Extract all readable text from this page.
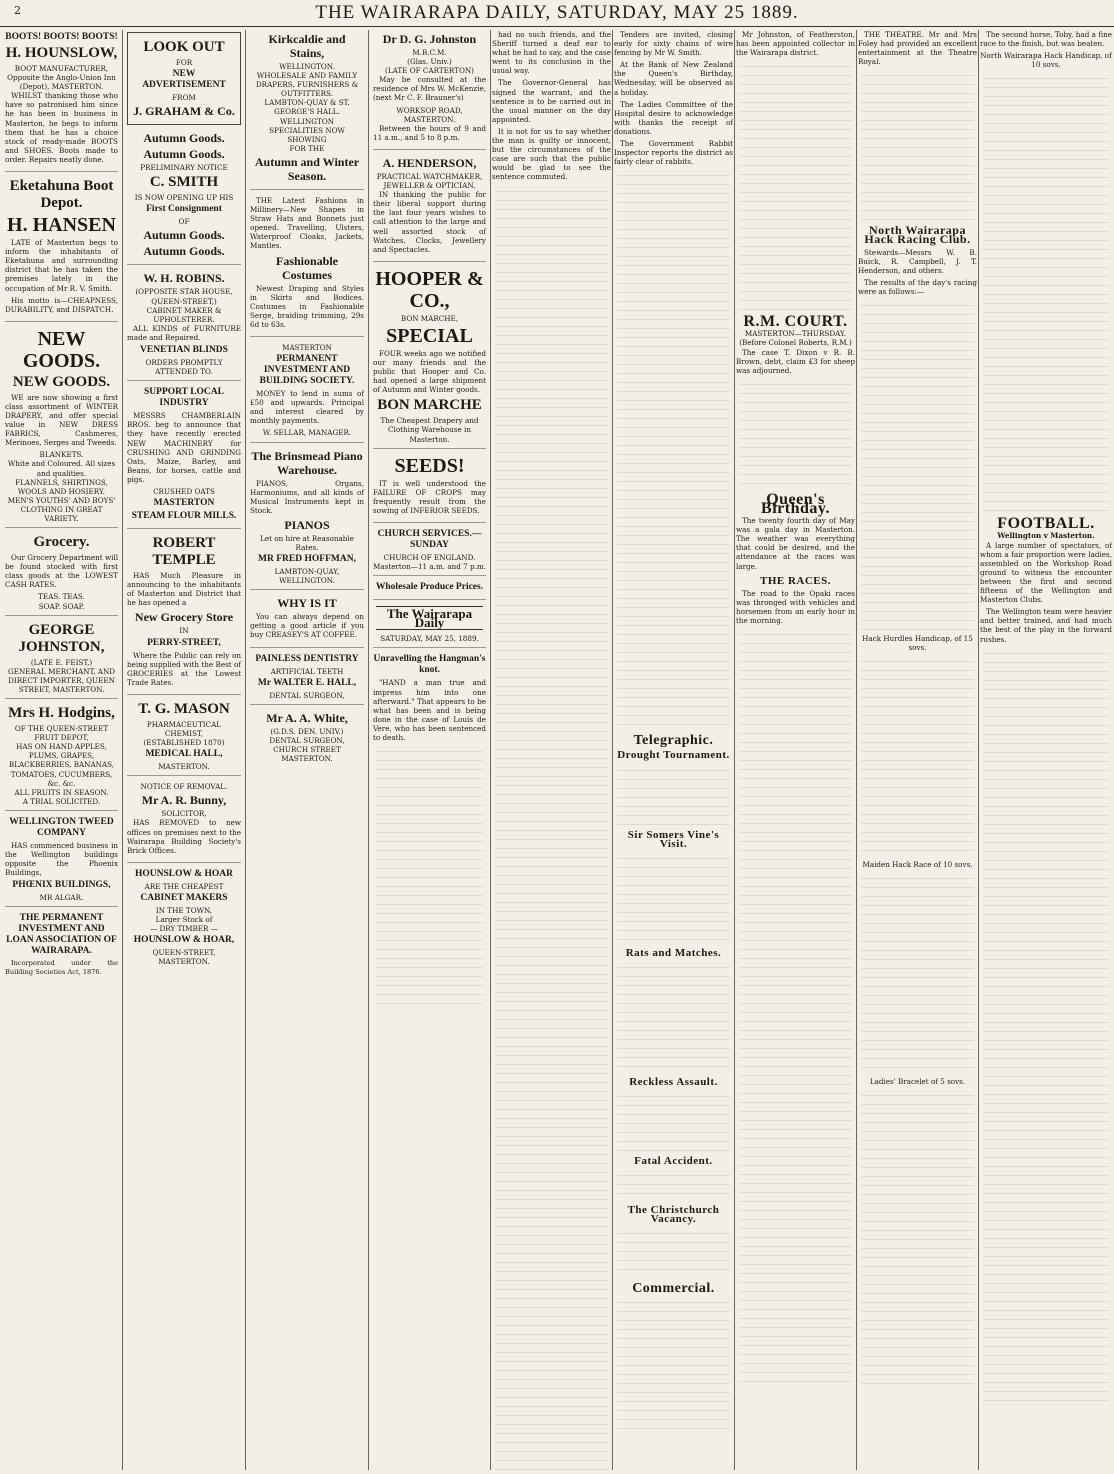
2	THE WAIRARAPA DAILY, SATURDAY, MAY 25 1889.
BOOTS! BOOTS! BOOTS!
H. HOUNSLOW,
BOOT MANUFACTURER,
Opposite the Anglo-Union Inn (Depot), MASTERTON.
WHILST thanking those who have so patronised him since he has been in business in Masterton, he begs to inform them that he has a choice stock of ready-made BOOTS and SHOES. Boots made to order. Repairs neatly done.
Eketahuna Boot Depot.
H. HANSEN
LATE of Masterton begs to inform the inhabitants of Eketahuna and surrounding district that he has taken the premises lately in the occupation of Mr R. V. Smith.
His motto is—CHEAPNESS, DURABILITY, and DISPATCH.
NEW GOODS.
NEW GOODS.
WE are now showing a first class assortment of WINTER DRAPERY, and offer special value in NEW DRESS FABRICS, Cashmeres, Merinoes, Serges and Tweeds.
BLANKETS.
White and Coloured. All sizes and qualities.
FLANNELS, SHIRTINGS, WOOLS AND HOSIERY.
MEN'S YOUTHS' AND BOYS' CLOTHING IN GREAT VARIETY.
Grocery.
Our Grocery Department will be found stocked with first class goods at the LOWEST CASH RATES.
TEAS. TEAS.
SOAP. SOAP.
GEORGE JOHNSTON,
(LATE E. FEIST,)
GENERAL MERCHANT, AND DIRECT IMPORTER, QUEEN STREET, MASTERTON.
Mrs H. Hodgins,
OF THE QUEEN-STREET FRUIT DEPOT,
HAS ON HAND APPLES, PLUMS, GRAPES, BLACKBERRIES, BANANAS, TOMATOES, CUCUMBERS, &c. &c.
ALL FRUITS IN SEASON.
A TRIAL SOLICITED.
WELLINGTON TWEED COMPANY
HAS commenced business in the Wellington buildings opposite the Phoenix Buildings,
PHŒNIX BUILDINGS,
MR ALGAR.
THE PERMANENT INVESTMENT AND LOAN ASSOCIATION OF WAIRARAPA.
Incorporated under the Building Societies Act, 1876.
LOOK OUT
FOR
NEW ADVERTISEMENT
FROM
J. GRAHAM & Co.
Autumn Goods.
Autumn Goods.
PRELIMINARY NOTICE
C. SMITH
IS NOW OPENING UP HIS
First Consignment
OF
Autumn Goods.
Autumn Goods.
W. H. ROBINS.
(OPPOSITE STAR HOUSE, QUEEN-STREET,)
CABINET MAKER & UPHOLSTERER.
ALL KINDS of FURNITURE made and Repaired.
VENETIAN BLINDS
ORDERS PROMPTLY ATTENDED TO.
SUPPORT LOCAL INDUSTRY
MESSRS CHAMBERLAIN BROS. beg to announce that they have recently erected NEW MACHINERY for CRUSHING AND GRINDING Oats, Maize, Barley, and Beans, for horses, cattle and pigs.
CRUSHED OATS
MASTERTON
STEAM FLOUR MILLS.
ROBERT TEMPLE
HAS Much Pleasure in announcing to the inhabitants of Masterton and District that he has opened a
New Grocery Store
IN
PERRY-STREET,
Where the Public can rely on being supplied with the Best of GROCERIES at the Lowest Trade Rates.
T. G. MASON
PHARMACEUTICAL CHEMIST,
(ESTABLISHED 1870)
MEDICAL HALL,
MASTERTON.
NOTICE OF REMOVAL.
Mr A. R. Bunny,
SOLICITOR,
HAS REMOVED to new offices on premises next to the Wairarapa Building Society's Brick Offices.
HOUNSLOW & HOAR
ARE THE CHEAPEST
CABINET MAKERS
IN THE TOWN,
Larger Stock of
— DRY TIMBER —
HOUNSLOW & HOAR,
QUEEN-STREET, MASTERTON.
Kirkcaldie and Stains,
WELLINGTON.
WHOLESALE AND FAMILY DRAPERS, FURNISHERS & OUTFITTERS.
LAMBTON-QUAY & ST. GEORGE'S HALL.
WELLINGTON
SPECIALITIES NOW SHOWING
FOR THE
Autumn and Winter Season.
THE Latest Fashions in Millinery—New Shapes in Straw Hats and Bonnets just opened. Travelling, Ulsters, Waterproof Cloaks, Jackets, Mantles.
Fashionable Costumes
Newest Draping and Styles in Skirts and Bodices. Costumes in Fashionable Serge, braiding trimming, 29s 6d to 63s.
MASTERTON
PERMANENT INVESTMENT AND BUILDING SOCIETY.
MONEY to lend in sums of £50 and upwards. Principal and interest cleared by monthly payments.
W. SELLAR, MANAGER.
The Brinsmead Piano Warehouse.
PIANOS, Organs, Harmoniums, and all kinds of Musical Instruments kept in Stock.
PIANOS
Let on hire at Reasonable Rates.
MR FRED HOFFMAN,
LAMBTON-QUAY,
WELLINGTON.
WHY IS IT
You can always depend on getting a good article if you buy CREASEY'S AT COFFEE.
PAINLESS DENTISTRY
ARTIFICIAL TEETH
Mr WALTER E. HALL,
DENTAL SURGEON,
Mr A. A. White,
(G.D.S. DEN. UNIV.)
DENTAL SURGEON,
CHURCH STREET MASTERTON.
Dr D. G. Johnston
M.B.C.M.
(Glas. Univ.)
(LATE OF CARTERTON)
May be consulted at the residence of Mrs W. McKenzie, (next Mr C. F. Brauner's)
WORKSOP ROAD, MASTERTON.
Between the hours of 9 and 11 a.m., and 5 to 8 p.m.
A. HENDERSON,
PRACTICAL WATCHMAKER, JEWELLER & OPTICIAN.
IN thanking the public for their liberal support during the last four years wishes to call attention to the large and well assorted stock of Watches, Clocks, Jewellery and Spectacles.
HOOPER & CO.,
BON MARCHE,
SPECIAL
FOUR weeks ago we notified our many friends and the public that Hooper and Co. had opened a large shipment of Autumn and Winter goods.
BON MARCHE
The Cheapest Drapery and Clothing Warehouse in Masterton.
SEEDS!
IT is well understood the FAILURE OF CROPS may frequently result from the sowing of INFERIOR SEEDS.
CHURCH SERVICES.—SUNDAY
CHURCH OF ENGLAND.
Masterton—11 a.m. and 7 p.m.
Wholesale Produce Prices.
The Wairarapa Daily
SATURDAY, MAY 25, 1889.
Unravelling the Hangman's knot.
"HAND a man true and impress him into one afterward." That appears to be what has been and is being done in the case of Louis de Vere, who has been sentenced to death.
had no such friends, and the Sheriff turned a deaf ear to what he had to say, and the case went to its conclusion in the usual way.
The Governor-General has signed the warrant, and the sentence is to be carried out in the usual manner on the day appointed.
It is not for us to say whether the man is guilty or innocent, but the circumstances of the case are such that the public would be glad to see the sentence commuted.
Tenders are invited, closing early for sixty chains of wire fencing by Mr W. Smith.
At the Bank of New Zealand the Queen's Birthday, Wednesday, will be observed as a holiday.
The Ladies Committee of the Hospital desire to acknowledge with thanks the receipt of donations.
The Government Rabbit Inspector reports the district as fairly clear of rabbits.
Telegraphic.
Drought Tournament.
Sir Somers Vine's Visit.
Rats and Matches.
Reckless Assault.
Fatal Accident.
The Christchurch Vacancy.
Commercial.
Mr Johnston, of Featherston, has been appointed collector in the Wairarapa district.
R.M. COURT.
MASTERTON—THURSDAY.
(Before Colonel Roberts, R.M.)
The case T. Dixon v R. B. Brown, debt, claim £3 for sheep was adjourned.
Queen's Birthday.
The twenty fourth day of May was a gala day in Masterton. The weather was everything that could be desired, and the attendance at the races was large.
THE RACES.
The road to the Opaki races was thronged with vehicles and horsemen from an early hour in the morning.
THE THEATRE. Mr and Mrs Foley had provided an excellent entertainment at the Theatre Royal.
North Wairarapa Hack Racing Club.
Stewards—Messrs W. B. Buick, R. Campbell, J. T. Henderson, and others.
The results of the day's racing were as follows:—
Hack Hurdles Handicap, of 15 sovs.
Maiden Hack Race of 10 sovs.
Ladies' Bracelet of 5 sovs.
The second horse, Toby, had a fine race to the finish, but was beaten.
North Wairarapa Hack Handicap, of 10 sovs.
FOOTBALL.
Wellington v Masterton.
A large number of spectators, of whom a fair proportion were ladies, assembled on the Workshop Road ground to witness the encounter between the first and second fifteens of the Wellington and Masterton Clubs.
The Wellington team were heavier and better trained, and had much the best of the play in the forward rushes.
